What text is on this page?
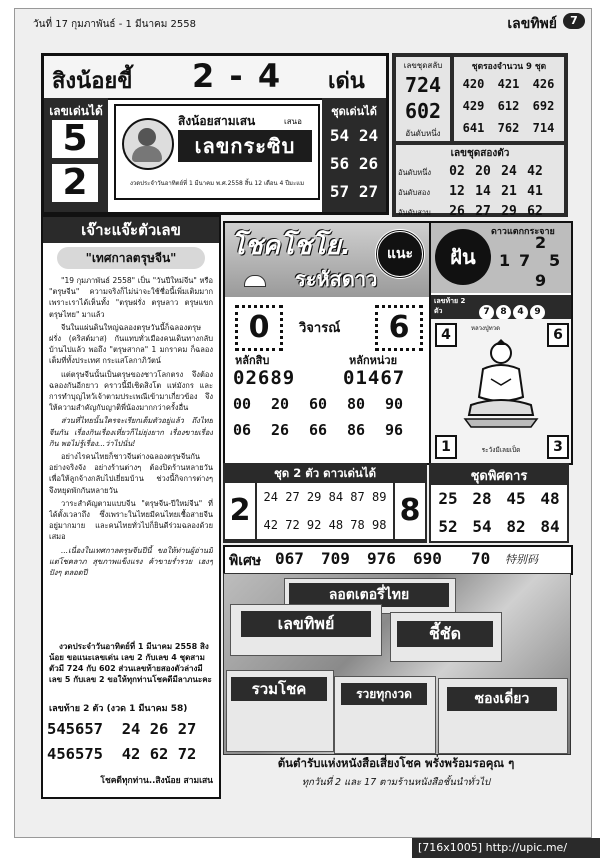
วันที่ 17 กุมภาพันธ์ - 1 มีนาคม 2558	เลขทิพย์	7
สิงน้อยขี้ 2 - 4 เด่น
เลขเด่นได้
5
2
สิงน้อยสามเสน	เสนอ
เลขกระซิบ
งวดประจำวันอาทิตย์ที่ 1 มีนาคม พ.ศ.2558 สิ้น 12 เดือน 4 ปีมะแม
ชุดเด่นได้
54 24
56 26
57 27
เลขชุดสลับ
724
602
อันดับหนึ่ง
ชุดรองจำนวน 9 ชุด
420 421 426
429 612 692
641 762 714
เลขชุดสองตัว
อันดับหนึ่ง 02 20 24 42
อันดับสอง 12 14 21 41
อันดับสาม 26 27 29 62
เจ๊าะแจ๊ะตัวเลข
"เทศกาลตรุษจีน"

"19 กุมภาพันธ์ 2558" เป็น "วันปีใหม่จีน" หรือ "ตรุษจีน" ความจริงก็ไม่น่าจะใช้ชื่อนี้เพิ่มเติมมาก เพราะเราได้เห็นทั้ง "ตรุษฝรั่ง ตรุษลาว ตรุษแขก ตรุษไทย" มาแล้ว

จีนในแผ่นดินใหญ่ฉลองตรุษวันนี้ก็ฉลองตรุษฝรั่ง (คริสต์มาส) กันแทบทั่วเมืองคนเดินทางกลับบ้านไปแล้ว พอถึง "ตรุษสากล" 1 มกราคม ก็ฉลองเต็มที่ทั้งประเทศ กระแสโลกาภิวัตน์

แต่ตรุษจีนนั้นเป็นตรุษของชาวโลกตรง จึงต้องฉลองกันอีกยาว คราวนี้มีเชิดสิงโต แห่มังกร และการทำบุญไหว้เจ้าตามประเพณีเข้ามาเกี่ยวข้อง จึงให้ความสำคัญกับญาติพี่น้องมากกว่าครั้งอื่น

ส่วนที่ไทยนั้นใครจะเรียกเต็มตัวอยู่แล้ว ถึงไทยจีนกัน เรื่องกินเรื่องเที่ยวก็ไม่ยุ่งยาก เรื่องขายเรื่องกิน พอไม่รู้เรื่อง...ว่าไปนั่น!

อย่างไรคนไทยก็ชาวจีนต่างฉลองตรุษจีนกันอย่างจริงจัง อย่างร้านต่างๆ ต้องปิดร้านหลายวัน เพื่อให้ลูกจ้างกลับไปเยี่ยมบ้าน ช่วงนี้กิจการต่างๆ จึงหยุดพักกันหลายวัน

วาระสำคัญตามแบบจีน "ตรุษจีน-ปีใหม่จีน" ที่ได้ตั้งเวลาถึง ซึ่งเพราะในไทยมีคนไทยเชื้อสายจีนอยู่มากมาย และคนไทยทั่วไปก็ยินดีร่วมฉลองด้วยเสมอ

...เนื่องในเทศกาลตรุษจีนปีนี้ ขอให้ท่านผู้อ่านมีแต่โชคลาภ สุขภาพแข็งแรง ค้าขายร่ำรวย เฮงๆ ปังๆ ตลอดปี

งวดประจำวันอาทิตย์ที่ 1 มีนาคม 2558 สิงน้อย ขอแนะเลขเด่น เลข 2 กับเลข 4 ชุดสามตัวมี 724 กับ 602 ส่วนเลขท้ายสองตัวล่างมีเลข 5 กับเลข 2 ขอให้ทุกท่านโชคดีมีลาภนะคะ
เลขท้าย 2 ตัว (งวด 1 มีนาคม 58)
545657 24 26 27
456575 42 62 72
โชคดีทุกท่าน..สิงน้อย สามเสน
โชคโชโย.	แนะ
ระหัสดาว
0	วิจารณ์	6
หลักสิบ	หลักหน่วย
02689	01467
00 20 60 80 90
06 26 66 86 96
ฝัน
ดาวแตกกระจาย
2
1 7 5
9
เลขท้าย 2 ตัว	7 8 4 9
4	6
หลวงปู่ทวด
1	3
ระวังมีเลยเป็ด
ชุด 2 ตัว ดาวเด่นได้
2	24 27 29 84 87 89
42 72 92 48 78 98 8
ชุดพิศดาร
25 28 45 48
52 54 82 84
พิเศษ 067 709 976 690 70 特别码
ลอตเตอรี่ไทย
เลขทิพย์
ชี้ชัด
รวมโชค	รวยทุกงวด	ซองเดี่ยว
ต้นตำรับแห่งหนังสือเสี่ยงโชค พรั่งพร้อมรอคุณ ๆ
ทุกวันที่ 2 และ 17 ตามร้านหนังสือชั้นนำทั่วไป
[716x1005] http://upic.me/
